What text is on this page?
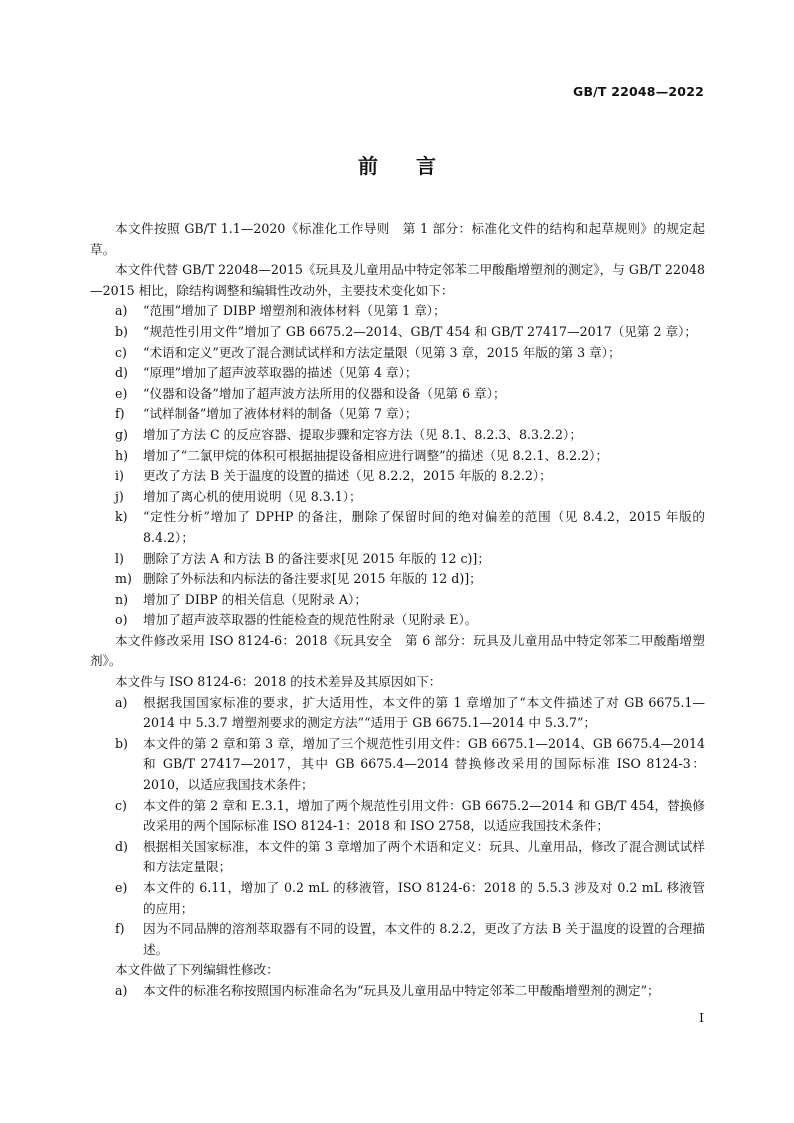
GB/T 22048—2022
前言

本文件按照 GB/T 1.1—2020《标准化工作导则　第 1 部分：标准化文件的结构和起草规则》的规定起草。

本文件代替 GB/T 22048—2015《玩具及儿童用品中特定邻苯二甲酸酯增塑剂的测定》，与 GB/T 22048—2015 相比，除结构调整和编辑性改动外，主要技术变化如下：

a)	“范围”增加了 DIBP 增塑剂和液体材料（见第 1 章）；
b)	“规范性引用文件”增加了 GB 6675.2—2014、GB/T 454 和 GB/T 27417—2017（见第 2 章）；
c)	“术语和定义”更改了混合测试试样和方法定量限（见第 3 章，2015 年版的第 3 章）；
d)	“原理”增加了超声波萃取器的描述（见第 4 章）；
e)	“仪器和设备”增加了超声波方法所用的仪器和设备（见第 6 章）；
f)	“试样制备”增加了液体材料的制备（见第 7 章）；
g)	增加了方法 C 的反应容器、提取步骤和定容方法（见 8.1、8.2.3、8.3.2.2）；
h)	增加了“二氯甲烷的体积可根据抽提设备相应进行调整”的描述（见 8.2.1、8.2.2）；
i)	更改了方法 B 关于温度的设置的描述（见 8.2.2，2015 年版的 8.2.2）；
j)	增加了离心机的使用说明（见 8.3.1）；
k)	“定性分析”增加了 DPHP 的备注，删除了保留时间的绝对偏差的范围（见 8.4.2，2015 年版的 8.4.2）；
l)	删除了方法 A 和方法 B 的备注要求[见 2015 年版的 12 c)]；
m) 删除了外标法和内标法的备注要求[见 2015 年版的 12 d)]；
n)	增加了 DIBP 的相关信息（见附录 A）；
o)	增加了超声波萃取器的性能检查的规范性附录（见附录 E）。

本文件修改采用 ISO 8124-6：2018《玩具安全　第 6 部分：玩具及儿童用品中特定邻苯二甲酸酯增塑剂》。

本文件与 ISO 8124-6：2018 的技术差异及其原因如下：

a)	根据我国国家标准的要求，扩大适用性，本文件的第 1 章增加了“本文件描述了对 GB 6675.1—2014 中 5.3.7 增塑剂要求的测定方法”“适用于 GB 6675.1—2014 中 5.3.7”；
b)	本文件的第 2 章和第 3 章，增加了三个规范性引用文件：GB 6675.1—2014、GB 6675.4—2014 和 GB/T 27417—2017，其中 GB 6675.4—2014 替换修改采用的国际标准 ISO 8124-3：2010，以适应我国技术条件；
c)	本文件的第 2 章和 E.3.1，增加了两个规范性引用文件：GB 6675.2—2014 和 GB/T 454，替换修改采用的两个国际标准 ISO 8124-1：2018 和 ISO 2758，以适应我国技术条件；
d)	根据相关国家标准，本文件的第 3 章增加了两个术语和定义：玩具、儿童用品，修改了混合测试试样和方法定量限；
e)	本文件的 6.11，增加了 0.2 mL 的移液管，ISO 8124-6：2018 的 5.5.3 涉及对 0.2 mL 移液管的应用；
f)	因为不同品牌的溶剂萃取器有不同的设置，本文件的 8.2.2，更改了方法 B 关于温度的设置的合理描述。

本文件做了下列编辑性修改：

a)	本文件的标准名称按照国内标准命名为“玩具及儿童用品中特定邻苯二甲酸酯增塑剂的测定”；
I
